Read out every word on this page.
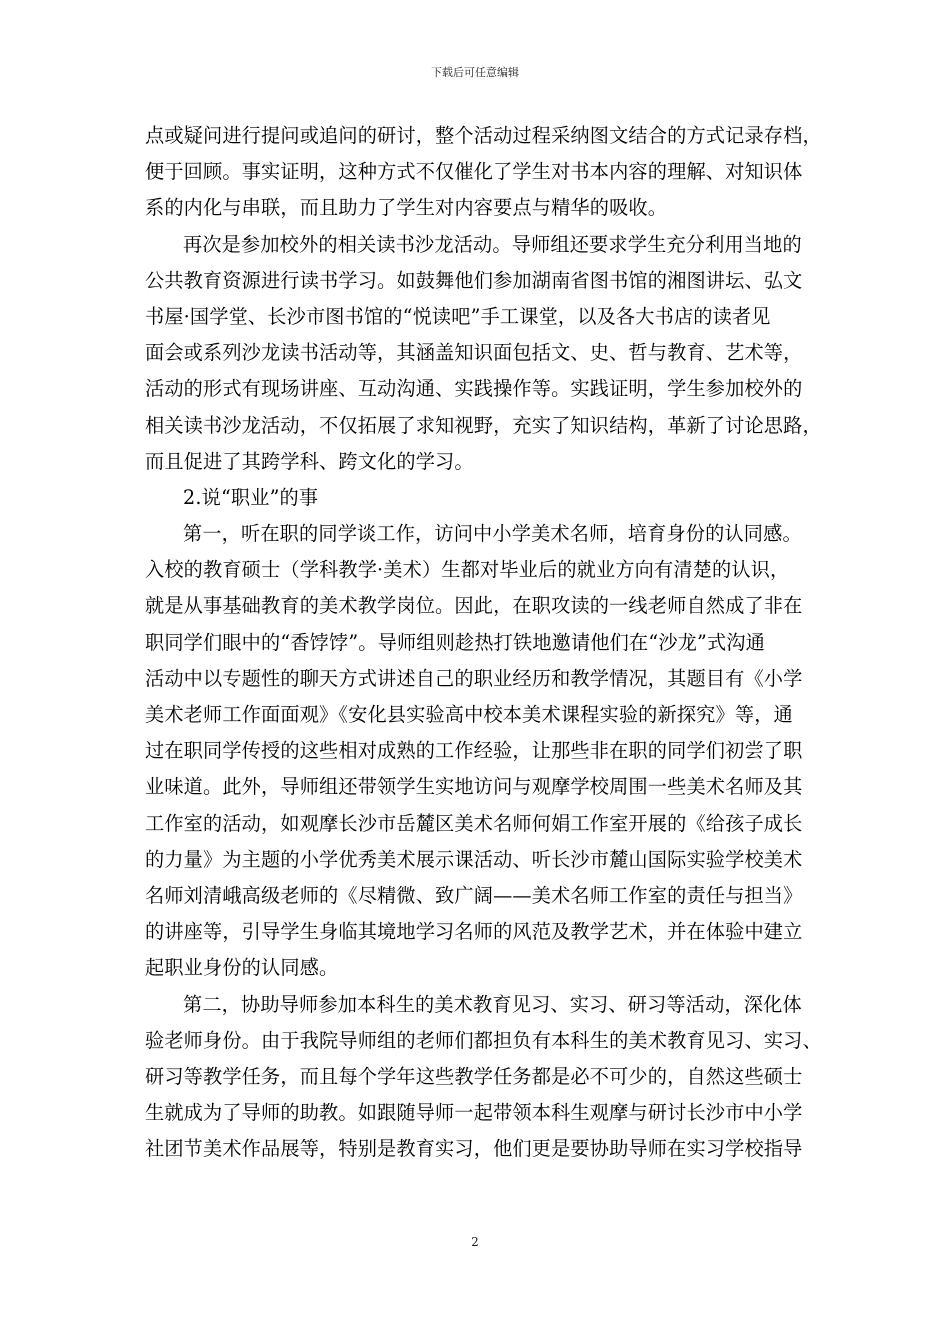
下载后可任意编辑
点或疑问进行提问或追问的研讨，整个活动过程采纳图文结合的方式记录存档，
便于回顾。事实证明，这种方式不仅催化了学生对书本内容的理解、对知识体
系的内化与串联，而且助力了学生对内容要点与精华的吸收。
再次是参加校外的相关读书沙龙活动。导师组还要求学生充分利用当地的
公共教育资源进行读书学习。如鼓舞他们参加湖南省图书馆的湘图讲坛、弘文
书屋·国学堂、长沙市图书馆的“悦读吧”手工课堂，以及各大书店的读者见
面会或系列沙龙读书活动等，其涵盖知识面包括文、史、哲与教育、艺术等，
活动的形式有现场讲座、互动沟通、实践操作等。实践证明，学生参加校外的
相关读书沙龙活动，不仅拓展了求知视野，充实了知识结构，革新了讨论思路，
而且促进了其跨学科、跨文化的学习。
2.说“职业”的事
第一，听在职的同学谈工作，访问中小学美术名师，培育身份的认同感。
入校的教育硕士（学科教学·美术）生都对毕业后的就业方向有清楚的认识，
就是从事基础教育的美术教学岗位。因此，在职攻读的一线老师自然成了非在
职同学们眼中的“香饽饽”。导师组则趁热打铁地邀请他们在“沙龙”式沟通
活动中以专题性的聊天方式讲述自己的职业经历和教学情况，其题目有《小学
美术老师工作面面观》《安化县实验高中校本美术课程实验的新探究》等，通
过在职同学传授的这些相对成熟的工作经验，让那些非在职的同学们初尝了职
业味道。此外，导师组还带领学生实地访问与观摩学校周围一些美术名师及其
工作室的活动，如观摩长沙市岳麓区美术名师何娟工作室开展的《给孩子成长
的力量》为主题的小学优秀美术展示课活动、听长沙市麓山国际实验学校美术
名师刘清峨高级老师的《尽精微、致广阔——美术名师工作室的责任与担当》
的讲座等，引导学生身临其境地学习名师的风范及教学艺术，并在体验中建立
起职业身份的认同感。
第二，协助导师参加本科生的美术教育见习、实习、研习等活动，深化体
验老师身份。由于我院导师组的老师们都担负有本科生的美术教育见习、实习、
研习等教学任务，而且每个学年这些教学任务都是必不可少的，自然这些硕士
生就成为了导师的助教。如跟随导师一起带领本科生观摩与研讨长沙市中小学
社团节美术作品展等，特别是教育实习，他们更是要协助导师在实习学校指导
2
